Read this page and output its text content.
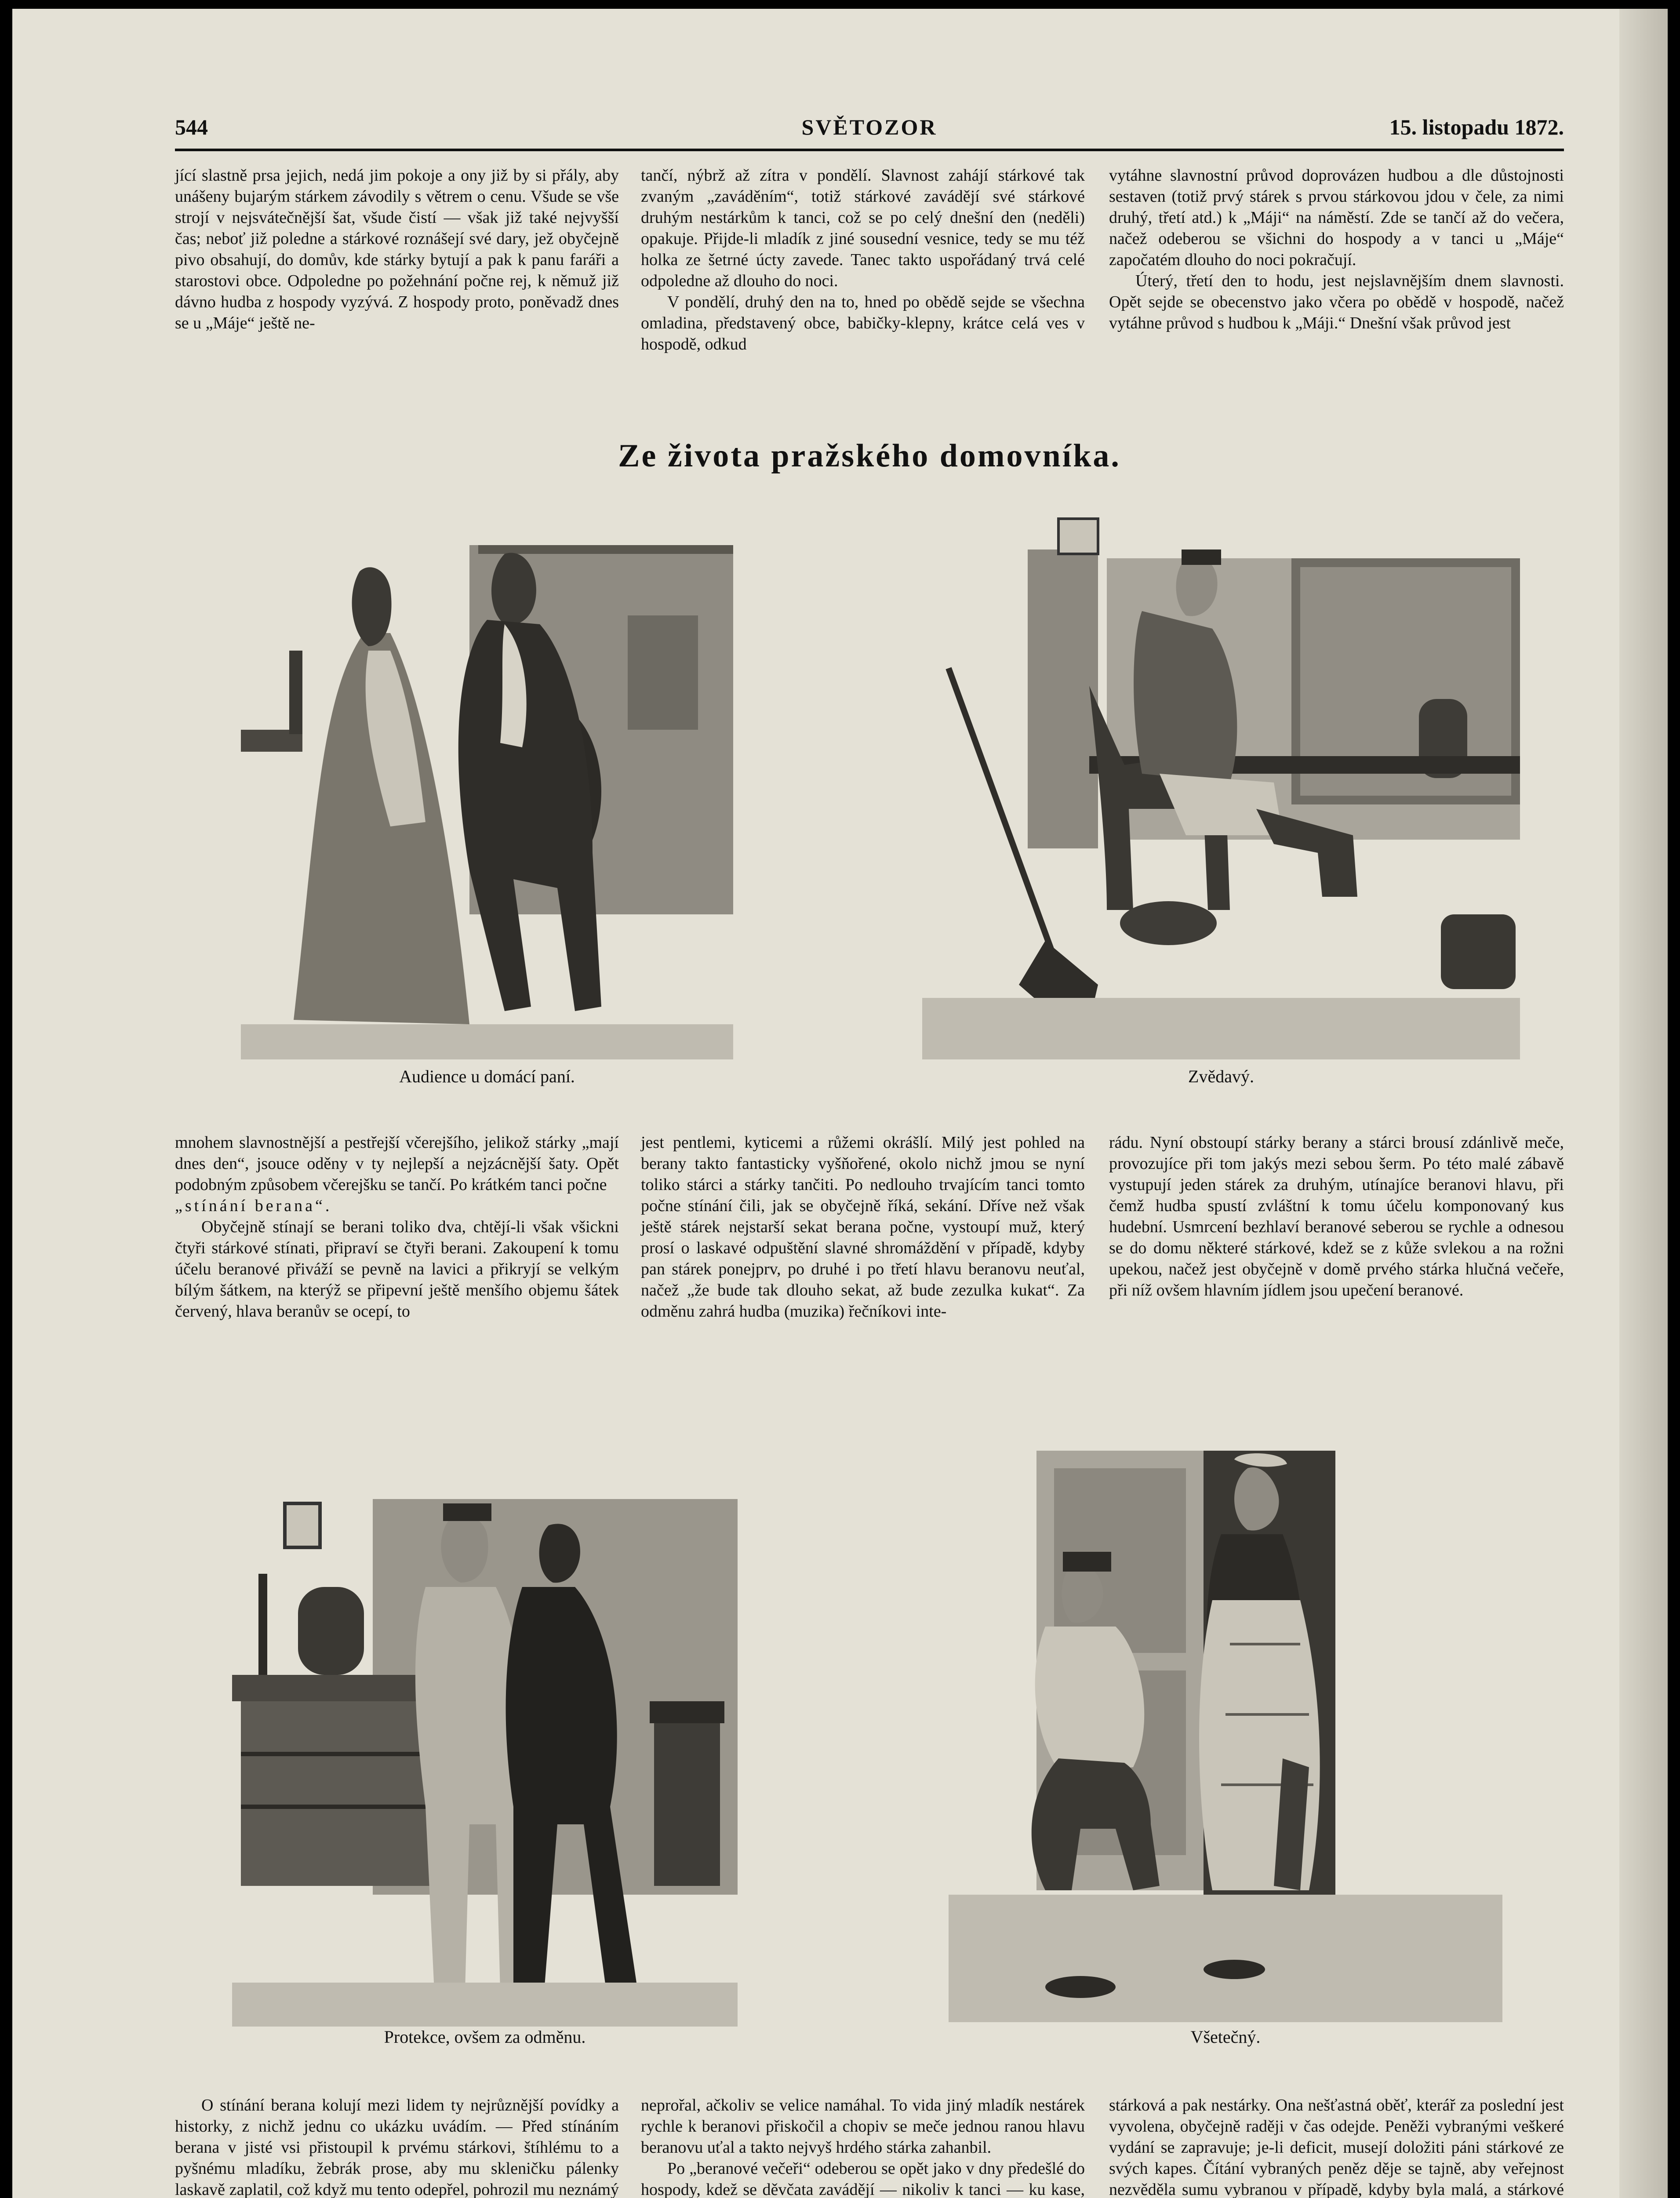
544	SVĚTOZOR	15. listopadu 1872.

jící slastně prsa jejich, nedá jim pokoje a ony již by si přály, aby unášeny bujarým stárkem závodily s větrem o cenu. Všude se vše strojí v nejsvátečnější šat, všude čistí — však již také nejvyšší čas; neboť již poledne a stárkové roznášejí své dary, jež obyčejně pivo obsahují, do domův, kde stárky bytují a pak k panu faráři a starostovi obce. Odpoledne po požehnání počne rej, k němuž již dávno hudba z hospody vyzývá. Z hospody proto, poněvadž dnes se u „Máje“ ještě ne-

tančí, nýbrž až zítra v pondělí. Slavnost zahájí stárkové tak zvaným „zaváděním“, totiž stárkové zavádějí své stárkové druhým nestárkům k tanci, což se po celý dnešní den (neděli) opakuje. Přijde-li mladík z jiné sousední vesnice, tedy se mu též holka ze šetrné úcty zavede. Tanec takto uspořádaný trvá celé odpoledne až dlouho do noci.

V pondělí, druhý den na to, hned po obědě sejde se všechna omladina, představený obce, babičky-klepny, krátce celá ves v hospodě, odkud

vytáhne slavnostní průvod doprovázen hudbou a dle důstojnosti sestaven (totiž prvý stárek s prvou stárkovou jdou v čele, za nimi druhý, třetí atd.) k „Máji“ na náměstí. Zde se tančí až do večera, načež odeberou se všichni do hospody a v tanci u „Máje“ započatém dlouho do noci pokračují.

Úterý, třetí den to hodu, jest nejslavnějším dnem slavnosti. Opět sejde se obecenstvo jako včera po obědě v hospodě, načež vytáhne průvod s hudbou k „Máji.“ Dnešní však průvod jest

Ze života pražského domovníka.
Audience u domácí paní.	Zvědavý.

mnohem slavnostnější a pestřejší včerejšího, jelikož stárky „mají dnes den“, jsouce oděny v ty nejlepší a nejzácnější šaty. Opět podobným způsobem včerejšku se tančí. Po krátkém tanci počne

„stínání berana“.

Obyčejně stínají se berani toliko dva, chtějí-li však všickni čtyři stárkové stínati, připraví se čtyři berani. Zakoupení k tomu účelu beranové přiváží se pevně na lavici a přikryjí se velkým bílým šátkem, na kterýž se připevní ještě menšího objemu šátek červený, hlava beranův se ocepí, to

jest pentlemi, kyticemi a růžemi okrášlí. Milý jest pohled na berany takto fantasticky vyšňořené, okolo nichž jmou se nyní toliko stárci a stárky tančiti. Po nedlouho trvajícím tanci tomto počne stínání čili, jak se obyčejně říká, sekání. Dříve než však ještě stárek nejstarší sekat berana počne, vystoupí muž, který prosí o laskavé odpuštění slavné shromáždění v případě, kdyby pan stárek ponejprv, po druhé i po třetí hlavu beranovu neuťal, načež „že bude tak dlouho sekat, až bude zezulka kukat“. Za odměnu zahrá hudba (muzika) řečníkovi inte-

rádu. Nyní obstoupí stárky berany a stárci brousí zdánlivě meče, provozujíce při tom jakýs mezi sebou šerm. Po této malé zábavě vystupují jeden stárek za druhým, utínajíce beranovi hlavu, při čemž hudba spustí zvláštní k tomu účelu komponovaný kus hudební. Usmrcení bezhlaví beranové seberou se rychle a odnesou se do domu některé stárkové, kdež se z kůže svlekou a na rožni upekou, načež jest obyčejně v domě prvého stárka hlučná večeře, při níž ovšem hlavním jídlem jsou upečení beranové.

Protekce, ovšem za odměnu.	Všetečný.

O stínání berana kolují mezi lidem ty nejrůznější povídky a historky, z nichž jednu co ukázku uvádím. — Před stínáním berana v jisté vsi přistoupil k prvému stárkovi, štíhlému to a pyšnému mladíku, žebrák prose, aby mu skleničku pálenky laskavě zaplatil, což když mu tento odepřel, pohrozil mu neznámý

neprořal, ačkoliv se velice namáhal. To vida jiný mladík nestárek rychle k beranovi přiskočil a chopiv se meče jednou ranou hlavu beranovu uťal a takto nejvyš hrdého stárka zahanbil.

Po „beranové večeři“ odeberou se opět jako v dny předešlé do hospody, kdež se děvčata zavádějí — nikoliv k tanci — ku kase,

stárková a pak nestárky. Ona nešťastná oběť, kterář za poslední jest vyvolena, obyčejně raději v čas odejde. Peněži vybranými veškeré vydání se zapravuje; je-li deficit, musejí doložiti páni stárkové ze svých kapes. Čítání vybraných peněz děje se tajně, aby veřejnost nezvěděla sumu vybranou v případě, kdyby byla malá, a stárkové
